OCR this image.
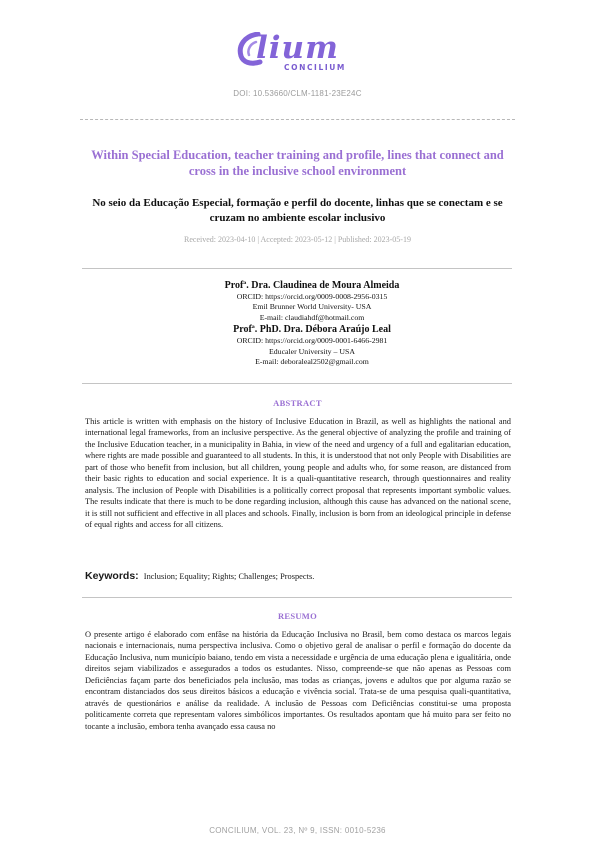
lium
CONCILIUM
DOI: 10.53660/CLM-1181-23E24C
Within Special Education, teacher training and profile, lines that connect and cross in the inclusive school environment
No seio da Educação Especial, formação e perfil do docente, linhas que se conectam e se cruzam no ambiente escolar inclusivo
Received: 2023-04-10 | Accepted: 2023-05-12 | Published: 2023-05-19
Profª. Dra. Claudinea de Moura Almeida
ORCID: https://orcid.org/0009-0008-2956-0315
Emil Brunner World University- USA
E-mail: claudiahdf@hotmail.com
Profª. PhD. Dra. Débora Araújo Leal
ORCID: https://orcid.org/0009-0001-6466-2981
Educaler University – USA
E-mail: deboraleal2502@gmail.com
ABSTRACT

This article is written with emphasis on the history of Inclusive Education in Brazil, as well as highlights the national and international legal frameworks, from an inclusive perspective. As the general objective of analyzing the profile and training of the Inclusive Education teacher, in a municipality in Bahia, in view of the need and urgency of a full and egalitarian education, where rights are made possible and guaranteed to all students. In this, it is understood that not only People with Disabilities are part of those who benefit from inclusion, but all children, young people and adults who, for some reason, are distanced from their basic rights to education and social experience. It is a quali-quantitative research, through questionnaires and reality analysis. The inclusion of People with Disabilities is a politically correct proposal that represents important symbolic values. The results indicate that there is much to be done regarding inclusion, although this cause has advanced on the national scene, it is still not sufficient and effective in all places and schools. Finally, inclusion is born from an ideological principle in defense of equal rights and access for all citizens.

Keywords: Inclusion; Equality; Rights; Challenges; Prospects.
RESUMO

O presente artigo é elaborado com enfâse na história da Educação Inclusiva no Brasil, bem como destaca os marcos legais nacionais e internacionais, numa perspectiva inclusiva. Como o objetivo geral de analisar o perfil e formação do docente da Educação Inclusiva, num município baiano, tendo em vista a necessidade e urgência de uma educação plena e igualitária, onde direitos sejam viabilizados e assegurados a todos os estudantes. Nisso, compreende-se que não apenas as Pessoas com Deficiências façam parte dos beneficiados pela inclusão, mas todas as crianças, jovens e adultos que por alguma razão se encontram distanciados dos seus direitos básicos a educação e vivência social. Trata-se de uma pesquisa quali-quantitativa, através de questionários e análise da realidade. A inclusão de Pessoas com Deficiências constitui-se uma proposta politicamente correta que representam valores simbólicos importantes. Os resultados apontam que há muito para ser feito no tocante a inclusão, embora tenha avançado essa causa no

CONCILIUM, VOL. 23, Nº 9, ISSN: 0010-5236
